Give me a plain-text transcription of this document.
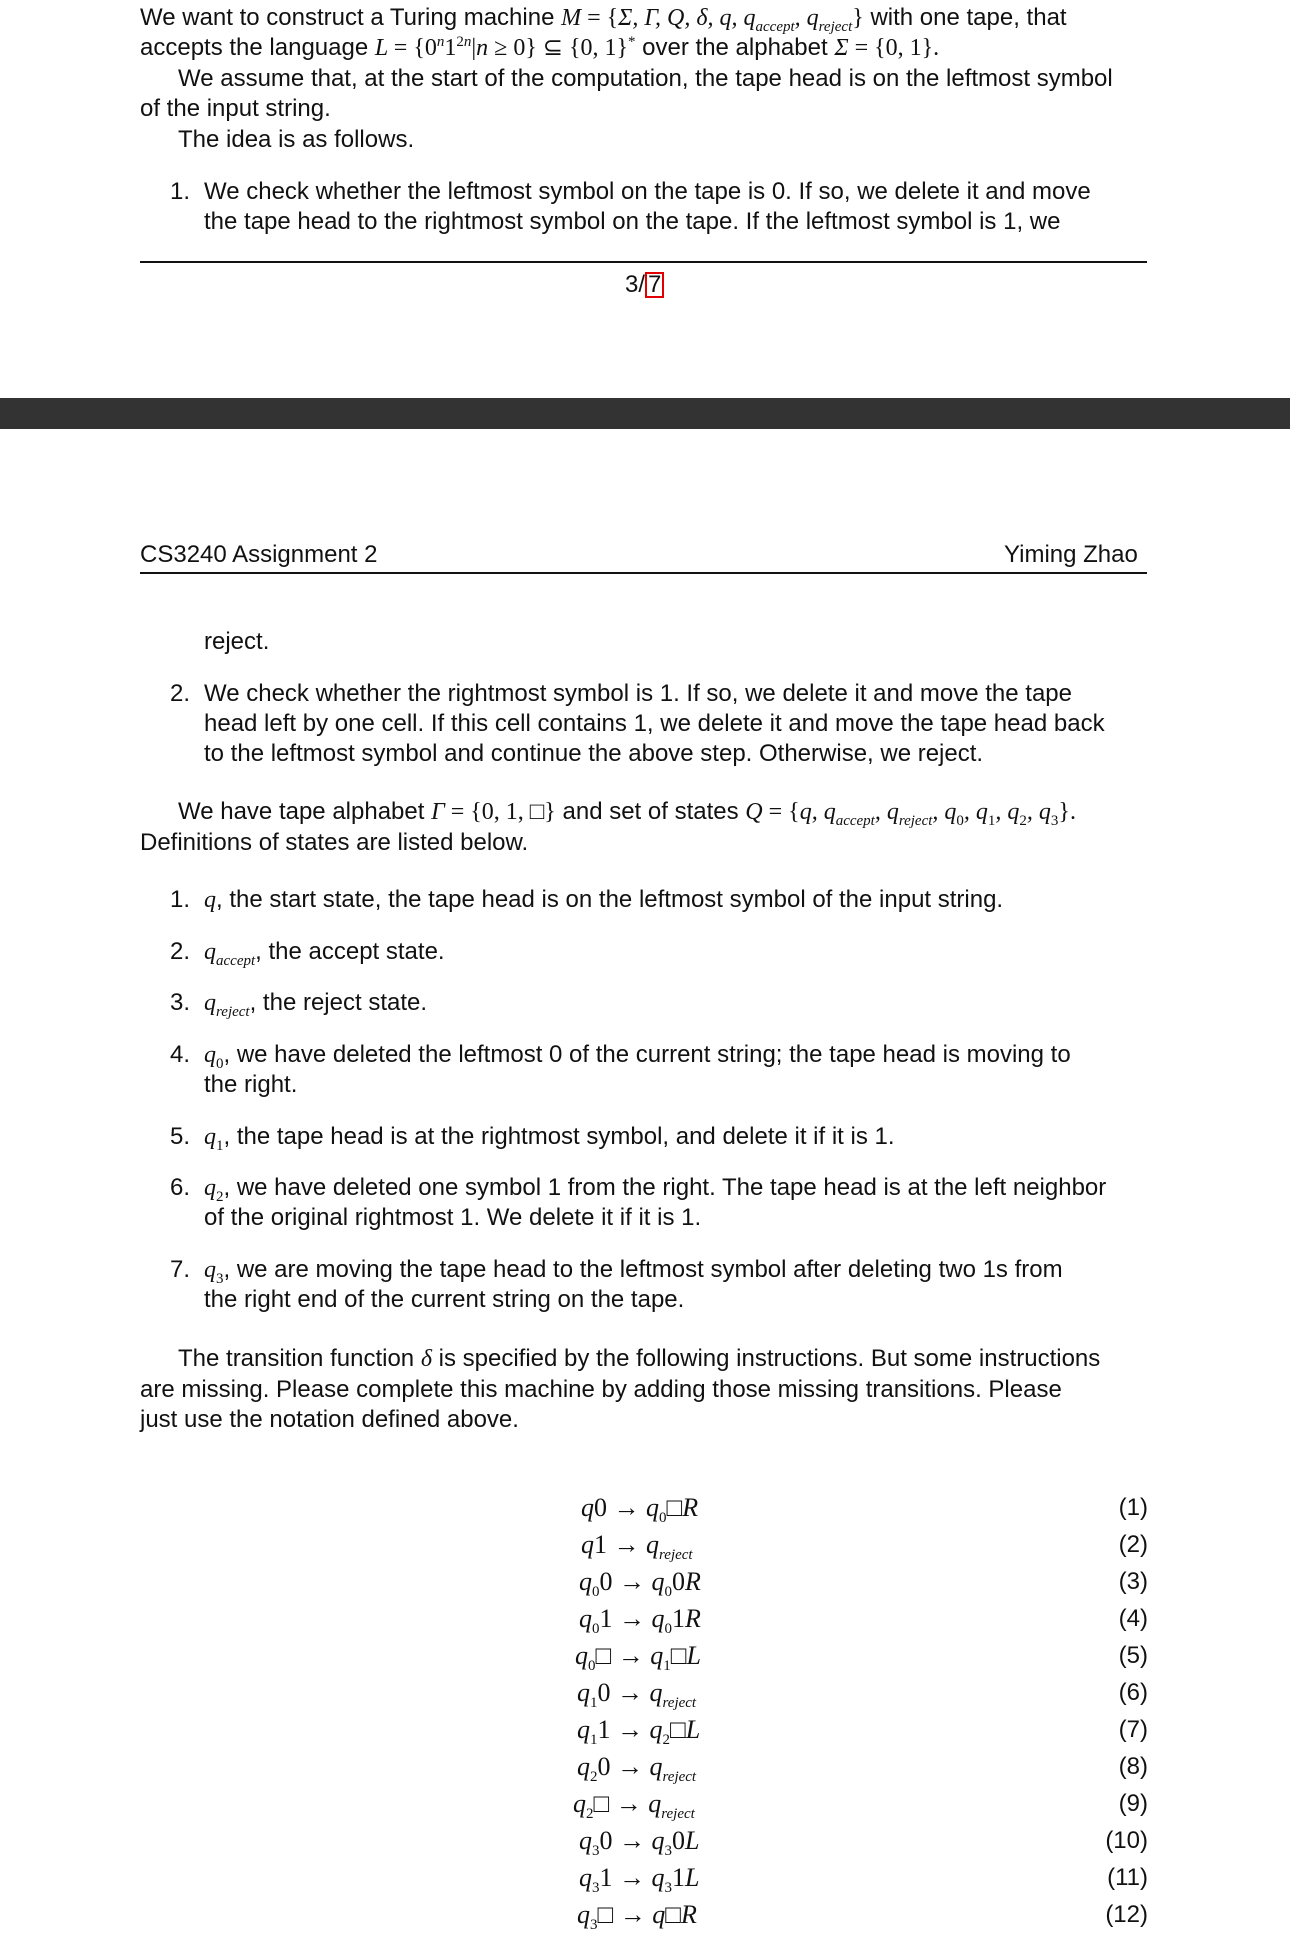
We want to construct a Turing machine M = {Σ, Γ, Q, δ, q, $q_{accept}$, $q_{reject}$} with one tape, that
accepts the language $L = \{0^n1^{2n}|n \ge 0\}$ ⊆ {0, 1}* over the alphabet Σ = {0, 1}.
We assume that, at the start of the computation, the tape head is on the leftmost symbol
of the input string.
The idea is as follows.
1. We check whether the leftmost symbol on the tape is 0. If so, we delete it and move
the tape head to the rightmost symbol on the tape. If the leftmost symbol is 1, we
3/ 7
CS3240 Assignment 2	Yiming Zhao
reject.
2. We check whether the rightmost symbol is 1. If so, we delete it and move the tape
head left by one cell. If this cell contains 1, we delete it and move the tape head back
to the leftmost symbol and continue the above step. Otherwise, we reject.
We have tape alphabet Γ = {0, 1, □} and set of states Q = {q, $q_{accept}$, $q_{reject}$, $q_0$, $q_1$, $q_2$, $q_3$}.
Definitions of states are listed below.
1. q, the start state, the tape head is on the leftmost symbol of the input string.
2. $q_{accept}$, the accept state.
3. $q_{reject}$, the reject state.
4. $q_0$, we have deleted the leftmost 0 of the current string; the tape head is moving to
the right.
5. $q_1$, the tape head is at the rightmost symbol, and delete it if it is 1.
6. $q_2$, we have deleted one symbol 1 from the right. The tape head is at the left neighbor
of the original rightmost 1. We delete it if it is 1.
7. $q_3$, we are moving the tape head to the leftmost symbol after deleting two 1s from
the right end of the current string on the tape.
The transition function δ is specified by the following instructions. But some instructions
are missing. Please complete this machine by adding those missing transitions. Please
just use the notation defined above.
$q0 \to q_0□R$
$q1 \to q_{reject}$
$q_00 \to q_00R$
$q_01 \to q_01R$
$q_0□$ → $q_1□L$
$q_10 \to q_{reject}$
$q_11$ → $q_2□L$
$q_20 \to q_{reject}$
$q_2□ \to q_{reject}$
$q_30 \to q_30L$
$q_31 \to q_31L$
$q_3□$ → q□R
(1)
(2)
(3)
(4)
(5)
(6)
(7)
(8)
(9)
(10)
(11)
(12)
